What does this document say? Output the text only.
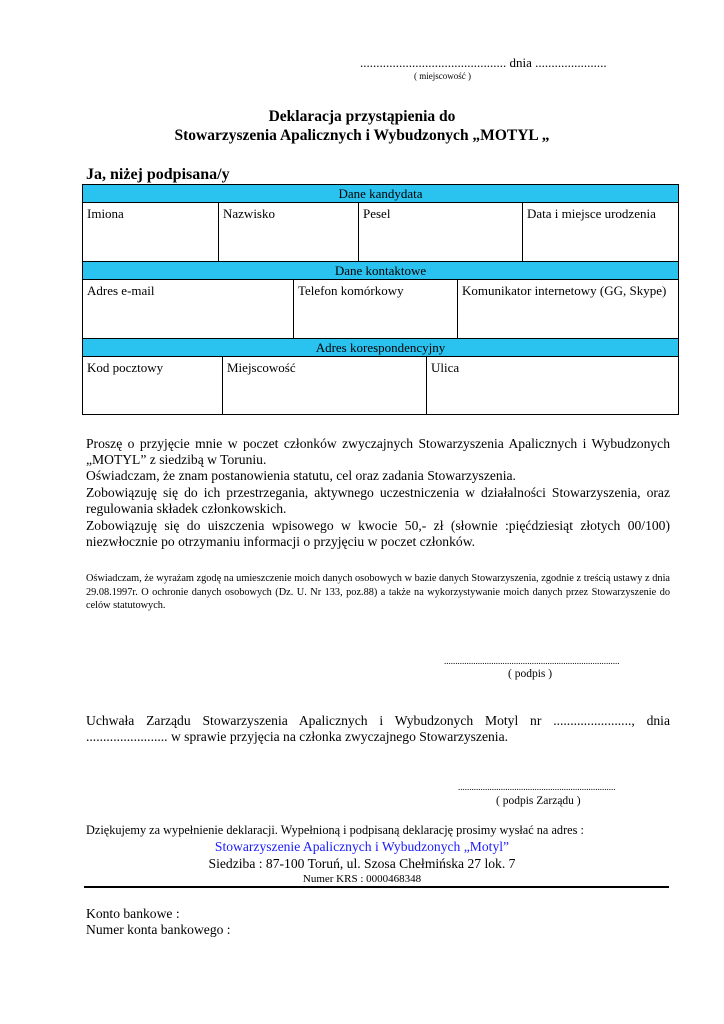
............................................. dnia ......................
( miejscowość )
Deklaracja przystąpienia do
Stowarzyszenia Apalicznych i Wybudzonych „MOTYL „
Ja, niżej podpisana/y
Dane kandydata
Imiona	Nazwisko	Pesel	Data i miejsce urodzenia
Dane kontaktowe
Adres e-mail	Telefon komórkowy	Komunikator internetowy (GG, Skype)
Adres korespondencyjny
Kod pocztowy	Miejscowość	Ulica
Proszę o przyjęcie mnie w poczet członków zwyczajnych Stowarzyszenia Apalicznych i Wybudzonych „MOTYL” z siedzibą w Toruniu.
Oświadczam, że znam postanowienia statutu, cel oraz zadania Stowarzyszenia.
Zobowiązuję się do ich przestrzegania, aktywnego uczestniczenia w działalności Stowarzyszenia, oraz regulowania składek członkowskich.
Zobowiązuję się do uiszczenia wpisowego w kwocie 50,- zł (słownie :pięćdziesiąt złotych 00/100) niezwłocznie po otrzymaniu informacji o przyjęciu w poczet członków.
Oświadczam, że wyrażam zgodę na umieszczenie moich danych osobowych w bazie danych Stowarzyszenia, zgodnie z treścią ustawy z dnia 29.08.1997r. O ochronie danych osobowych (Dz. U. Nr 133, poz.88) a także na wykorzystywanie moich danych przez Stowarzyszenie do celów statutowych.
..............................................................................
( podpis )
Uchwała Zarządu Stowarzyszenia Apalicznych i Wybudzonych Motyl nr ......................., dnia ........................ w sprawie przyjęcia na członka zwyczajnego Stowarzyszenia.
......................................................................
( podpis Zarządu )
Dziękujemy za wypełnienie deklaracji. Wypełnioną i podpisaną deklarację prosimy wysłać na adres :
Stowarzyszenie Apalicznych i Wybudzonych „Motyl”
Siedziba : 87-100 Toruń, ul. Szosa Chełmińska 27 lok. 7
Numer KRS : 0000468348
Konto bankowe :
Numer konta bankowego :
